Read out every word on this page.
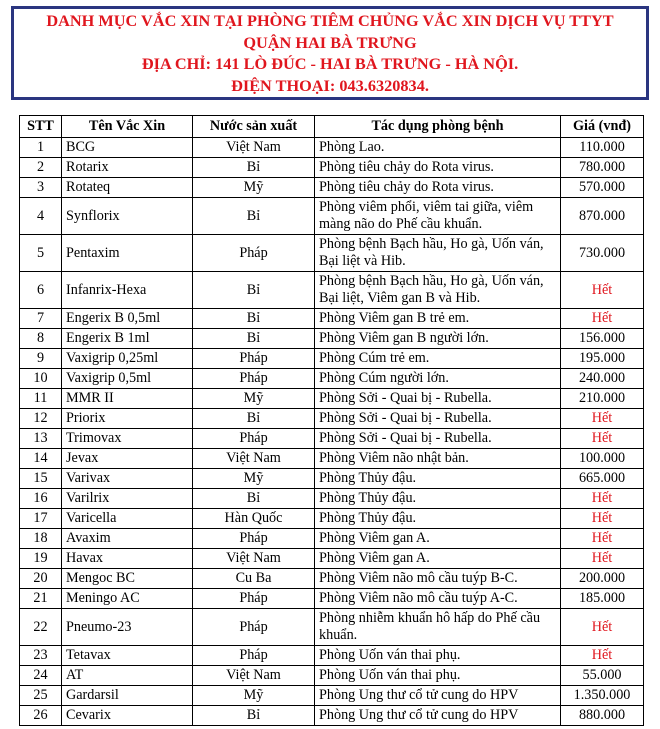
DANH MỤC VẮC XIN TẠI PHÒNG TIÊM CHỦNG VẮC XIN DỊCH VỤ TTYT
QUẬN HAI BÀ TRƯNG
ĐỊA CHỈ: 141 LÒ ĐÚC - HAI BÀ TRƯNG - HÀ NỘI.
ĐIỆN THOẠI: 043.6320834.
STT	Tên Vắc Xin	Nước sản xuất	Tác dụng phòng bệnh	Giá (vnđ)
1	BCG	Việt Nam	Phòng Lao.	110.000
2	Rotarix	Bỉ	Phòng tiêu chảy do Rota virus.	780.000
3	Rotateq	Mỹ	Phòng tiêu chảy do Rota virus.	570.000
4	Synflorix	Bỉ	Phòng viêm phổi, viêm tai giữa, viêm màng não do Phế cầu khuẩn.	870.000
5	Pentaxim	Pháp	Phòng bệnh Bạch hầu, Ho gà, Uốn ván, Bại liệt và Hib.	730.000
6	Infanrix-Hexa	Bỉ	Phòng bệnh Bạch hầu, Ho gà, Uốn ván, Bại liệt, Viêm gan B và Hib.	Hết
7	Engerix B 0,5ml	Bỉ	Phòng Viêm gan B trẻ em.	Hết
8	Engerix B 1ml	Bỉ	Phòng Viêm gan B người lớn.	156.000
9	Vaxigrip 0,25ml	Pháp	Phòng Cúm trẻ em.	195.000
10	Vaxigrip 0,5ml	Pháp	Phòng Cúm người lớn.	240.000
11	MMR II	Mỹ	Phòng Sởi - Quai bị - Rubella.	210.000
12	Priorix	Bỉ	Phòng Sởi - Quai bị - Rubella.	Hết
13	Trimovax	Pháp	Phòng Sởi - Quai bị - Rubella.	Hết
14	Jevax	Việt Nam	Phòng Viêm não nhật bản.	100.000
15	Varivax	Mỹ	Phòng Thủy đậu.	665.000
16	Varilrix	Bỉ	Phòng Thủy đậu.	Hết
17	Varicella	Hàn Quốc	Phòng Thủy đậu.	Hết
18	Avaxim	Pháp	Phòng Viêm gan A.	Hết
19	Havax	Việt Nam	Phòng Viêm gan A.	Hết
20	Mengoc BC	Cu Ba	Phòng Viêm não mô cầu tuýp B-C.	200.000
21	Meningo AC	Pháp	Phòng Viêm não mô cầu tuýp A-C.	185.000
22	Pneumo-23	Pháp	Phòng nhiễm khuẩn hô hấp do Phế cầu khuẩn.	Hết
23	Tetavax	Pháp	Phòng Uốn ván thai phụ.	Hết
24	AT	Việt Nam	Phòng Uốn ván thai phụ.	55.000
25	Gardarsil	Mỹ	Phòng Ung thư cổ tử cung do HPV	1.350.000
26	Cevarix	Bỉ	Phòng Ung thư cổ tử cung do HPV	880.000
